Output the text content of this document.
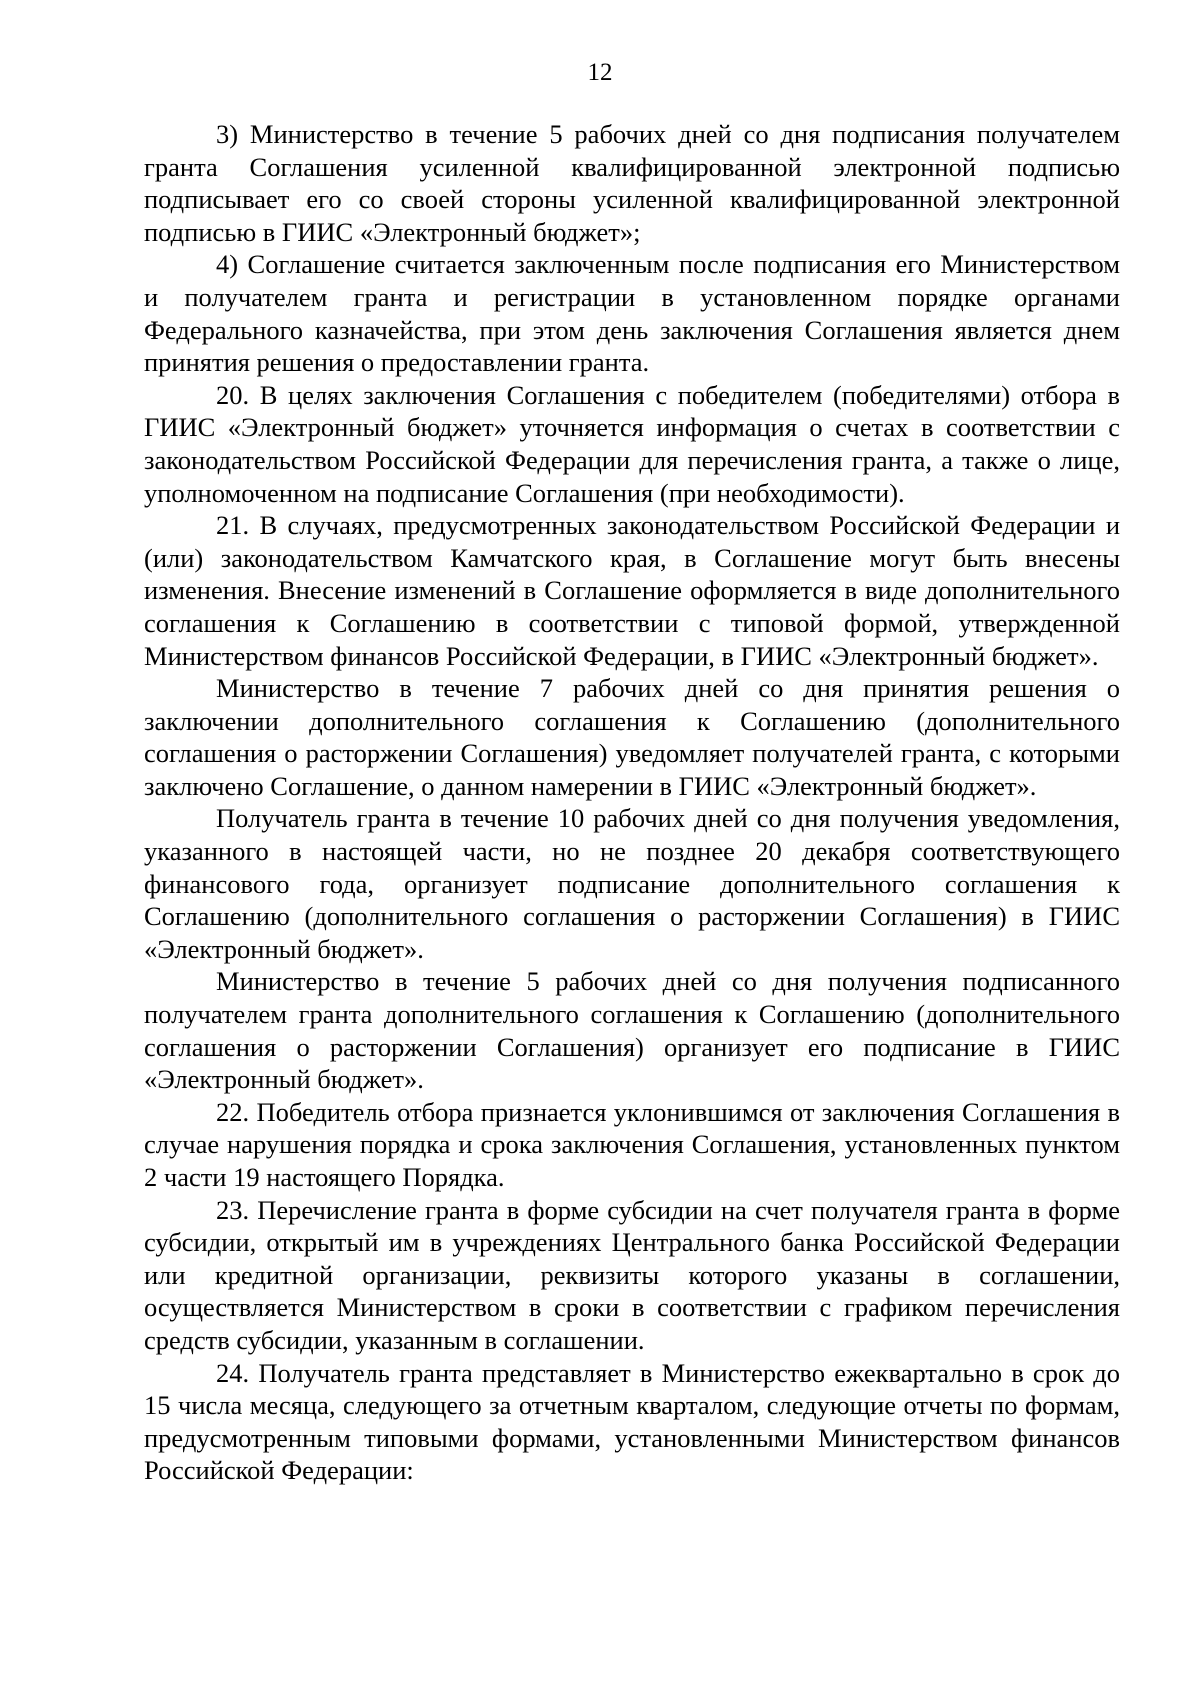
12

3) Министерство в течение 5 рабочих дней со дня подписания получателем гранта Соглашения усиленной квалифицированной электронной подписью подписывает его со своей стороны усиленной квалифицированной электронной подписью в ГИИС «Электронный бюджет»;

4) Соглашение считается заключенным после подписания его Министерством и получателем гранта и регистрации в установленном порядке органами Федерального казначейства, при этом день заключения Соглашения является днем принятия решения о предоставлении гранта.

20. В целях заключения Соглашения с победителем (победителями) отбора в ГИИС «Электронный бюджет» уточняется информация о счетах в соответствии с законодательством Российской Федерации для перечисления гранта, а также о лице, уполномоченном на подписание Соглашения (при необходимости).

21. В случаях, предусмотренных законодательством Российской Федерации и (или) законодательством Камчатского края, в Соглашение могут быть внесены изменения. Внесение изменений в Соглашение оформляется в виде дополнительного соглашения к Соглашению в соответствии с типовой формой, утвержденной Министерством финансов Российской Федерации, в ГИИС «Электронный бюджет».

Министерство в течение 7 рабочих дней со дня принятия решения о заключении дополнительного соглашения к Соглашению (дополнительного соглашения о расторжении Соглашения) уведомляет получателей гранта, с которыми заключено Соглашение, о данном намерении в ГИИС «Электронный бюджет».

Получатель гранта в течение 10 рабочих дней со дня получения уведомления, указанного в настоящей части, но не позднее 20 декабря соответствующего финансового года, организует подписание дополнительного соглашения к Соглашению (дополнительного соглашения о расторжении Соглашения) в ГИИС «Электронный бюджет».

Министерство в течение 5 рабочих дней со дня получения подписанного получателем гранта дополнительного соглашения к Соглашению (дополнительного соглашения о расторжении Соглашения) организует его подписание в ГИИС «Электронный бюджет».

22. Победитель отбора признается уклонившимся от заключения Соглашения в случае нарушения порядка и срока заключения Соглашения, установленных пунктом 2 части 19 настоящего Порядка.

23. Перечисление гранта в форме субсидии на счет получателя гранта в форме субсидии, открытый им в учреждениях Центрального банка Российской Федерации или кредитной организации, реквизиты которого указаны в соглашении, осуществляется Министерством в сроки в соответствии с графиком перечисления средств субсидии, указанным в соглашении.

24. Получатель гранта представляет в Министерство ежеквартально в срок до 15 числа месяца, следующего за отчетным кварталом, следующие отчеты по формам, предусмотренным типовыми формами, установленными Министерством финансов Российской Федерации:
